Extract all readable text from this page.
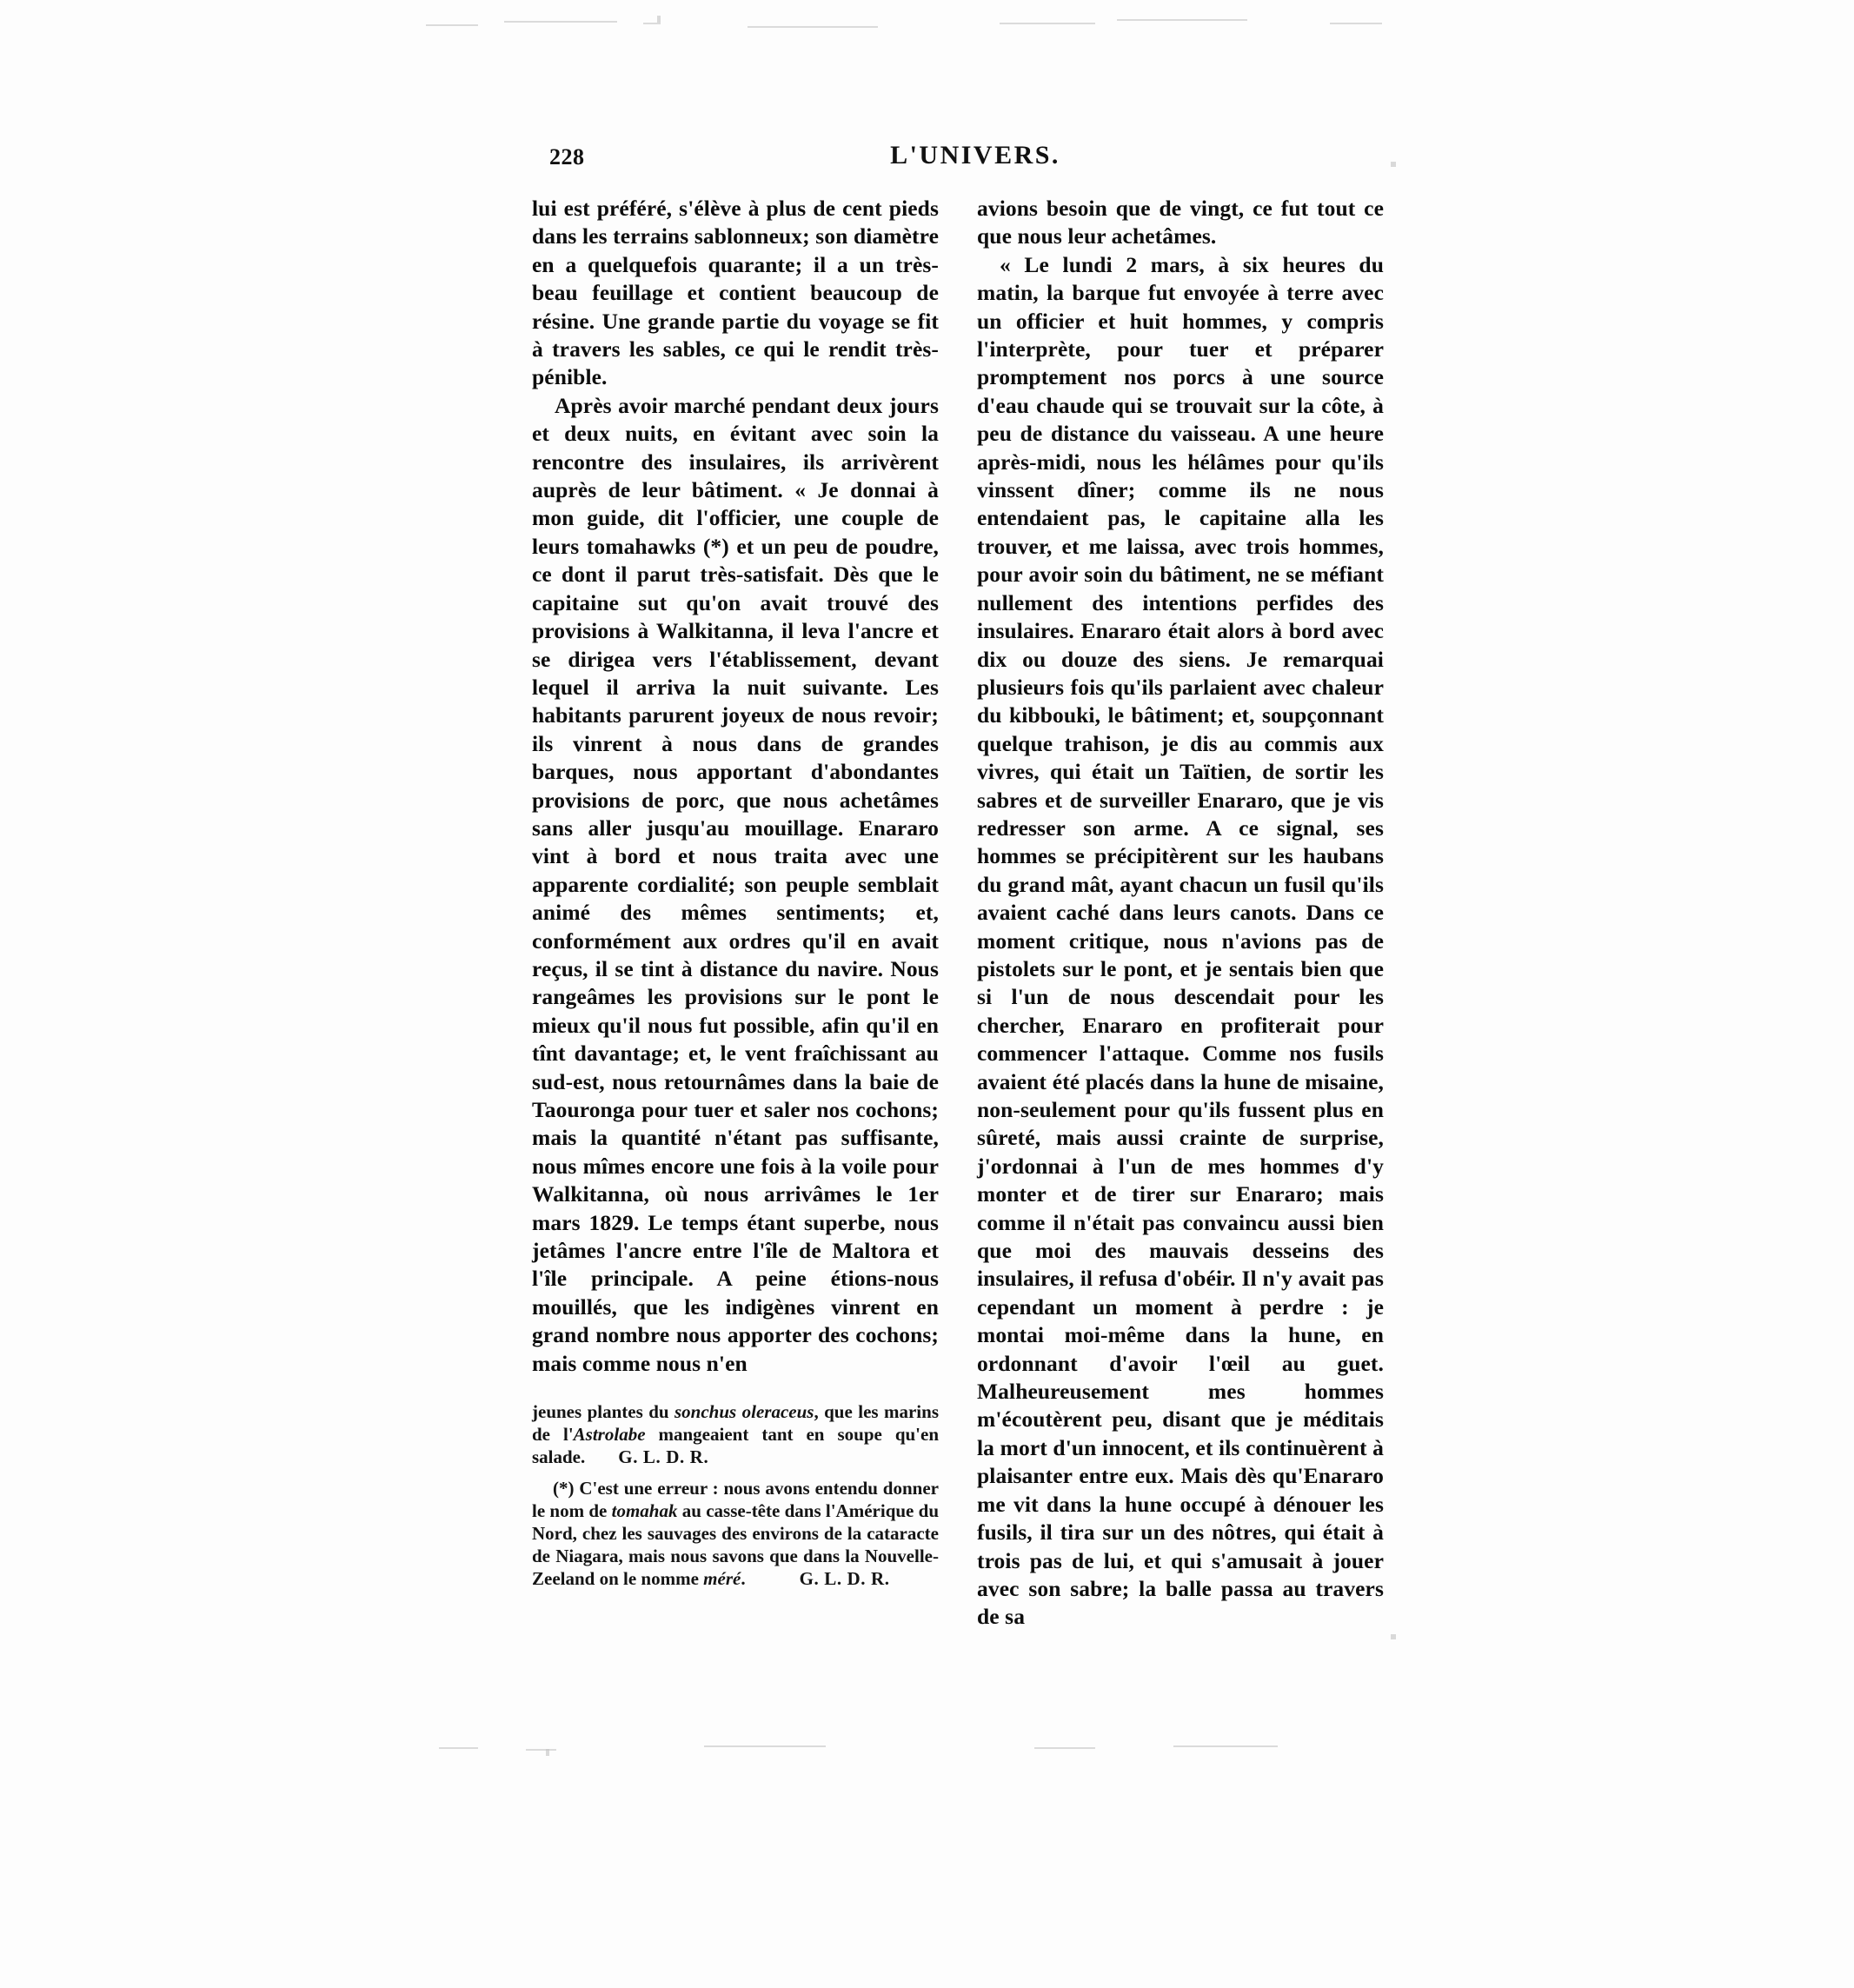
228	L'UNIVERS.

lui est préféré, s'élève à plus de cent pieds dans les terrains sablonneux; son diamètre en a quelquefois quarante; il a un très-beau feuillage et contient beaucoup de résine. Une grande partie du voyage se fit à travers les sables, ce qui le rendit très-pénible.

Après avoir marché pendant deux jours et deux nuits, en évitant avec soin la rencontre des insulaires, ils arrivèrent auprès de leur bâtiment. « Je donnai à mon guide, dit l'officier, une couple de leurs tomahawks (*) et un peu de poudre, ce dont il parut très-satisfait. Dès que le capitaine sut qu'on avait trouvé des provisions à Walkitanna, il leva l'ancre et se dirigea vers l'établissement, devant lequel il arriva la nuit suivante. Les habitants parurent joyeux de nous revoir; ils vinrent à nous dans de grandes barques, nous apportant d'abondantes provisions de porc, que nous achetâmes sans aller jusqu'au mouillage. Enararo vint à bord et nous traita avec une apparente cordialité; son peuple semblait animé des mêmes sentiments; et, conformément aux ordres qu'il en avait reçus, il se tint à distance du navire. Nous rangeâmes les provisions sur le pont le mieux qu'il nous fut possible, afin qu'il en tînt davantage; et, le vent fraîchissant au sud-est, nous retournâmes dans la baie de Taouronga pour tuer et saler nos cochons; mais la quantité n'étant pas suffisante, nous mîmes encore une fois à la voile pour Walkitanna, où nous arrivâmes le 1er mars 1829. Le temps étant superbe, nous jetâmes l'ancre entre l'île de Maltora et l'île principale. A peine étions-nous mouillés, que les indigènes vinrent en grand nombre nous apporter des cochons; mais comme nous n'en

jeunes plantes du sonchus oleraceus, que les marins de l'Astrolabe mangeaient tant en soupe qu'en salade. G. L. D. R.

(*) C'est une erreur : nous avons entendu donner le nom de tomahak au casse-tête dans l'Amérique du Nord, chez les sauvages des environs de la cataracte de Niagara, mais nous savons que dans la Nouvelle-Zeeland on le nomme méré.	G. L. D. R.

avions besoin que de vingt, ce fut tout ce que nous leur achetâmes.

« Le lundi 2 mars, à six heures du matin, la barque fut envoyée à terre avec un officier et huit hommes, y compris l'interprète, pour tuer et préparer promptement nos porcs à une source d'eau chaude qui se trouvait sur la côte, à peu de distance du vaisseau. A une heure après-midi, nous les hélâmes pour qu'ils vinssent dîner; comme ils ne nous entendaient pas, le capitaine alla les trouver, et me laissa, avec trois hommes, pour avoir soin du bâtiment, ne se méfiant nullement des intentions perfides des insulaires. Enararo était alors à bord avec dix ou douze des siens. Je remarquai plusieurs fois qu'ils parlaient avec chaleur du kibbouki, le bâtiment; et, soupçonnant quelque trahison, je dis au commis aux vivres, qui était un Taïtien, de sortir les sabres et de surveiller Enararo, que je vis redresser son arme. A ce signal, ses hommes se précipitèrent sur les haubans du grand mât, ayant chacun un fusil qu'ils avaient caché dans leurs canots. Dans ce moment critique, nous n'avions pas de pistolets sur le pont, et je sentais bien que si l'un de nous descendait pour les chercher, Enararo en profiterait pour commencer l'attaque. Comme nos fusils avaient été placés dans la hune de misaine, non-seulement pour qu'ils fussent plus en sûreté, mais aussi crainte de surprise, j'ordonnai à l'un de mes hommes d'y monter et de tirer sur Enararo; mais comme il n'était pas convaincu aussi bien que moi des mauvais desseins des insulaires, il refusa d'obéir. Il n'y avait pas cependant un moment à perdre : je montai moi-même dans la hune, en ordonnant d'avoir l'œil au guet. Malheureusement mes hommes m'écoutèrent peu, disant que je méditais la mort d'un innocent, et ils continuèrent à plaisanter entre eux. Mais dès qu'Enararo me vit dans la hune occupé à dénouer les fusils, il tira sur un des nôtres, qui était à trois pas de lui, et qui s'amusait à jouer avec son sabre; la balle passa au travers de sa
